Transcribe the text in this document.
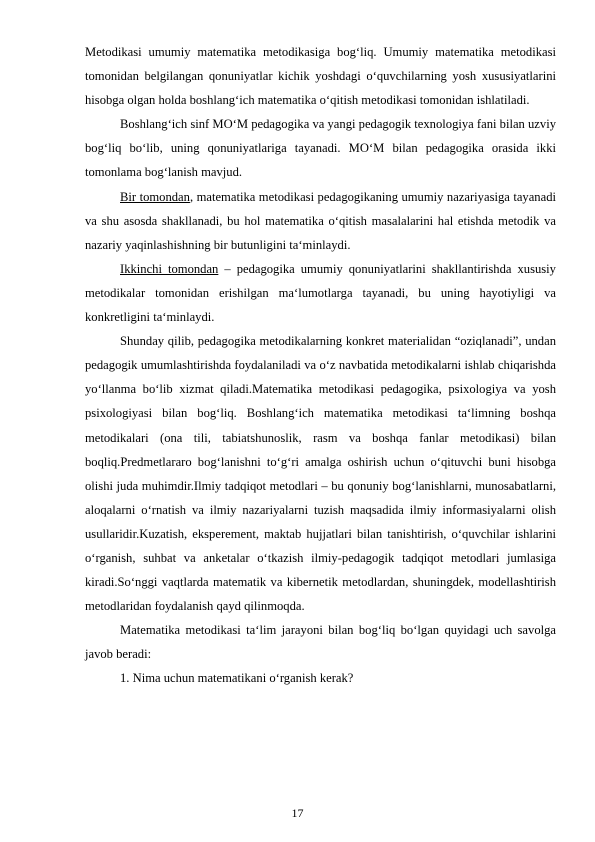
Metodikasi umumiy matematika metodikasiga bog‘liq. Umumiy matematika metodikasi tomonidan belgilangan qonuniyatlar kichik yoshdagi o‘quvchilarning yosh xususiyatlarini hisobga olgan holda boshlang‘ich matematika o‘qitish metodikasi tomonidan ishlatiladi.

Boshlang‘ich sinf MO‘M pedagogika va yangi pedagogik texnologiya fani bilan uzviy bog‘liq bo‘lib, uning qonuniyatlariga tayanadi. MO‘M bilan pedagogika orasida ikki tomonlama bog‘lanish mavjud.

Bir tomondan, matematika metodikasi pedagogikaning umumiy nazariyasiga tayanadi va shu asosda shakllanadi, bu hol matematika o‘qitish masalalarini hal etishda metodik va nazariy yaqinlashishning bir butunligini ta‘minlaydi.

Ikkinchi tomondan – pedagogika umumiy qonuniyatlarini shakllantirishda xususiy metodikalar tomonidan erishilgan ma‘lumotlarga tayanadi, bu uning hayotiyligi va konkretligini ta‘minlaydi.

Shunday qilib, pedagogika metodikalarning konkret materialidan “oziqlanadi”, undan pedagogik umumlashtirishda foydalaniladi va o‘z navbatida metodikalarni ishlab chiqarishda yo‘llanma bo‘lib xizmat qiladi.Matematika metodikasi pedagogika, psixologiya va yosh psixologiyasi bilan bog‘liq. Boshlang‘ich matematika metodikasi ta‘limning boshqa metodikalari (ona tili, tabiatshunoslik, rasm va boshqa fanlar metodikasi) bilan boqliq.Predmetlararo bog‘lanishni to‘g‘ri amalga oshirish uchun o‘qituvchi buni hisobga olishi juda muhimdir.Ilmiy tadqiqot metodlari – bu qonuniy bog‘lanishlarni, munosabatlarni, aloqalarni o‘rnatish va ilmiy nazariyalarni tuzish maqsadida ilmiy informasiyalarni olish usullaridir.Kuzatish, eksperement, maktab hujjatlari bilan tanishtirish, o‘quvchilar ishlarini o‘rganish, suhbat va anketalar o‘tkazish ilmiy-pedagogik tadqiqot metodlari jumlasiga kiradi.So‘nggi vaqtlarda matematik va kibernetik metodlardan, shuningdek, modellashtirish metodlaridan foydalanish qayd qilinmoqda.

Matematika metodikasi ta‘lim jarayoni bilan bog‘liq bo‘lgan quyidagi uch savolga javob beradi:

1. Nima uchun matematikani o‘rganish kerak?

17
